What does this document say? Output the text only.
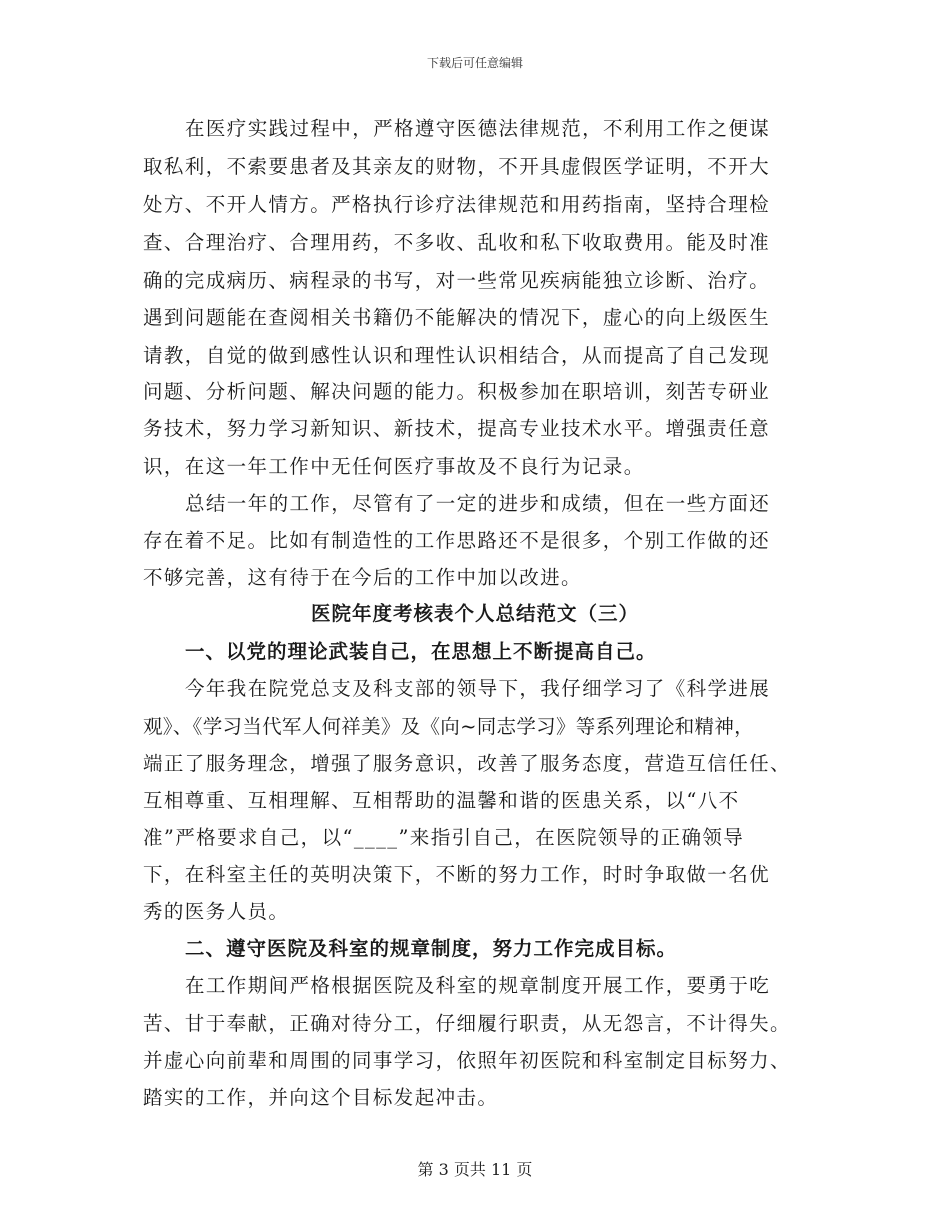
下载后可任意编辑
在医疗实践过程中，严格遵守医德法律规范，不利用工作之便谋
取私利，不索要患者及其亲友的财物，不开具虚假医学证明，不开大
处方、不开人情方。严格执行诊疗法律规范和用药指南，坚持合理检
查、合理治疗、合理用药，不多收、乱收和私下收取费用。能及时准
确的完成病历、病程录的书写，对一些常见疾病能独立诊断、治疗。
遇到问题能在查阅相关书籍仍不能解决的情况下，虚心的向上级医生
请教，自觉的做到感性认识和理性认识相结合，从而提高了自己发现
问题、分析问题、解决问题的能力。积极参加在职培训，刻苦专研业
务技术，努力学习新知识、新技术，提高专业技术水平。增强责任意
识，在这一年工作中无任何医疗事故及不良行为记录。
总结一年的工作，尽管有了一定的进步和成绩，但在一些方面还
存在着不足。比如有制造性的工作思路还不是很多，个别工作做的还
不够完善，这有待于在今后的工作中加以改进。
医院年度考核表个人总结范文（三）
一、以党的理论武装自己，在思想上不断提高自己。
今年我在院党总支及科支部的领导下，我仔细学习了《科学进展
观》、《学习当代军人何祥美》及《向~同志学习》等系列理论和精神，
端正了服务理念，增强了服务意识，改善了服务态度，营造互信任任、
互相尊重、互相理解、互相帮助的温馨和谐的医患关系，以“八不
准”严格要求自己，以“____”来指引自己，在医院领导的正确领导
下，在科室主任的英明决策下，不断的努力工作，时时争取做一名优
秀的医务人员。
二、遵守医院及科室的规章制度，努力工作完成目标。
在工作期间严格根据医院及科室的规章制度开展工作，要勇于吃
苦、甘于奉献，正确对待分工，仔细履行职责，从无怨言，不计得失。
并虚心向前辈和周围的同事学习，依照年初医院和科室制定目标努力、
踏实的工作，并向这个目标发起冲击。
第 3 页共 11 页
